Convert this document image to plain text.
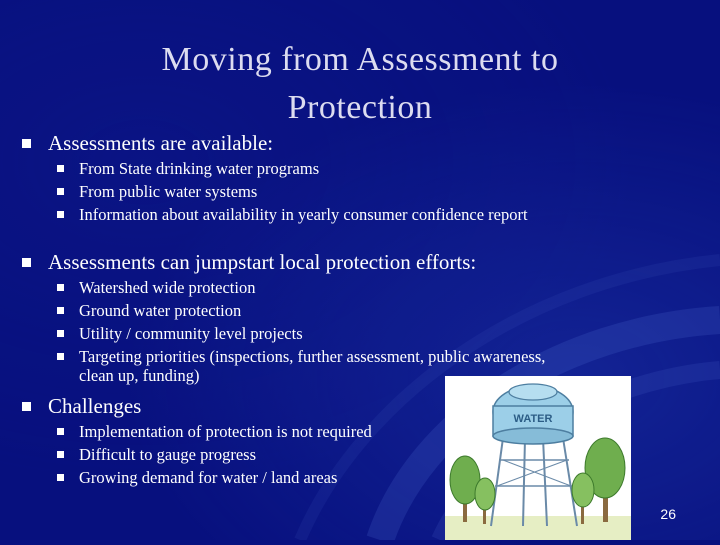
Moving from Assessment to
Protection
Assessments are available:
From State drinking water programs
From public water systems
Information about availability in yearly consumer confidence report
Assessments can jumpstart local protection efforts:
Watershed wide protection
Ground water protection
Utility / community level projects
Targeting priorities (inspections, further assessment, public awareness, clean up, funding)
Challenges
Implementation of protection is not required
Difficult to gauge progress
Growing demand for water / land areas
WATER
26
